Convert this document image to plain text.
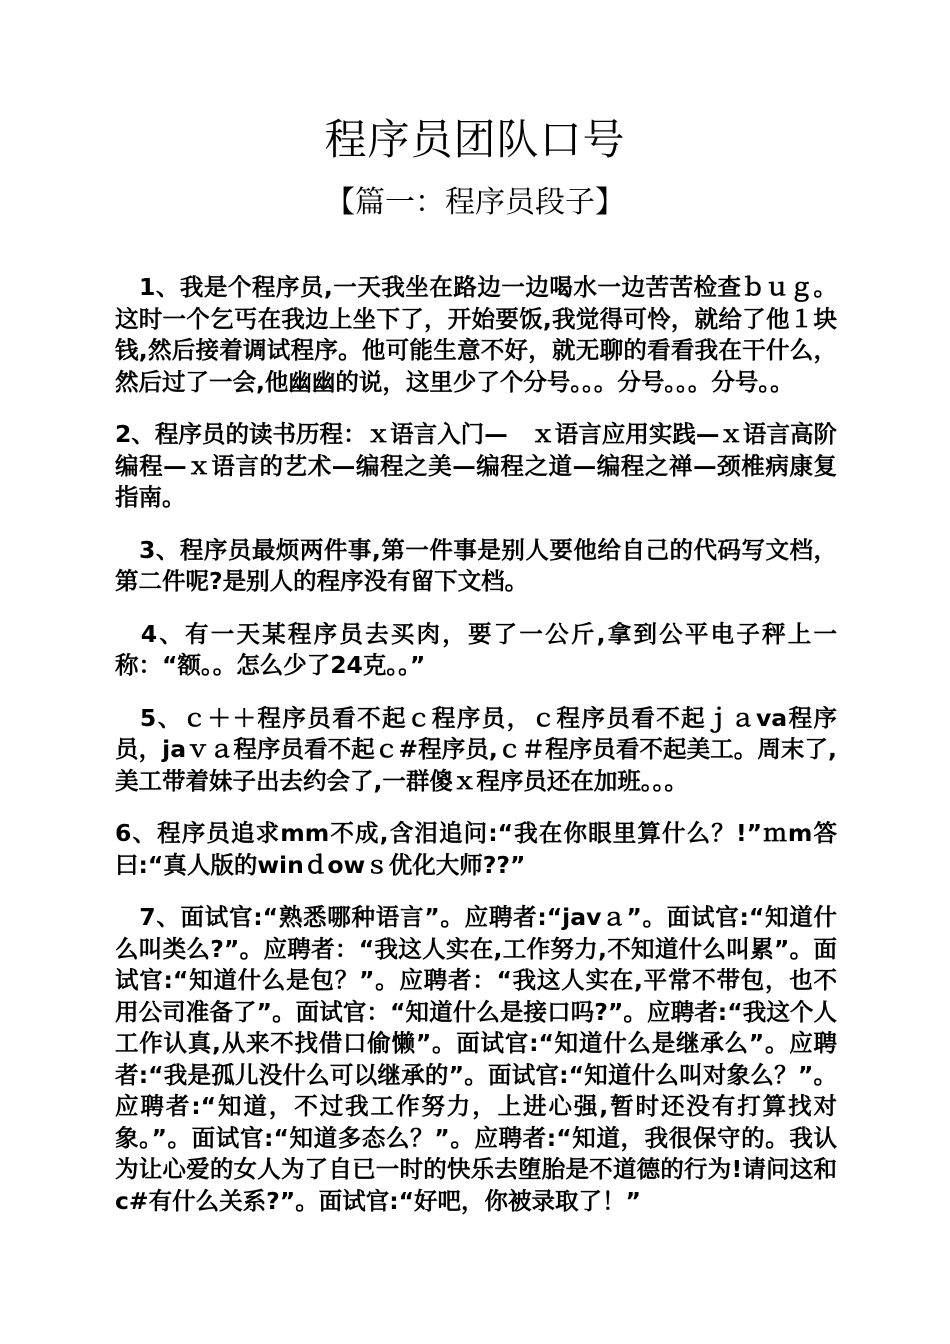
程序员团队口号
【篇一：程序员段子】

　1、我是个程序员,一天我坐在路边一边喝水一边苦苦检查ｂｕｇ。这时一个乞丐在我边上坐下了，开始要饭,我觉得可怜，就给了他１块钱,然后接着调试程序。他可能生意不好，就无聊的看看我在干什么，然后过了一会,他幽幽的说，这里少了个分号。。。分号。。。分号。。

2、程序员的读书历程：ｘ语言入门—　ｘ语言应用实践—ｘ语言高阶编程—ｘ语言的艺术—编程之美—编程之道—编程之禅—颈椎病康复指南。

　3、程序员最烦两件事,第一件事是别人要他给自己的代码写文档，第二件呢?是别人的程序没有留下文档。

　4、有一天某程序员去买肉，要了一公斤,拿到公平电子秤上一称：“额。。怎么少了24克。。”

　5、ｃ＋＋程序员看不起ｃ程序员，ｃ程序员看不起ｊａva程序员，jaｖａ程序员看不起ｃ#程序员,ｃ＃程序员看不起美工。周末了,美工带着妹子出去约会了,一群傻ｘ程序员还在加班。。。

6、程序员追求mm不成,含泪追问:“我在你眼里算什么？!”ｍm答曰:“真人版的winｄowｓ优化大师??”

　7、面试官:“熟悉哪种语言”。应聘者:“javａ”。面试官:“知道什么叫类么?”。应聘者：“我这人实在,工作努力,不知道什么叫累”。面试官:“知道什么是包？”。应聘者：“我这人实在,平常不带包，也不用公司准备了”。面试官：“知道什么是接口吗?”。应聘者:“我这个人工作认真,从来不找借口偷懒”。面试官:“知道什么是继承么”。应聘者:“我是孤儿没什么可以继承的”。面试官:“知道什么叫对象么？”。应聘者:“知道，不过我工作努力，上进心强,暂时还没有打算找对象。”。面试官:“知道多态么？”。应聘者:“知道，我很保守的。我认为让心爱的女人为了自已一时的快乐去堕胎是不道德的行为!请问这和c#有什么关系?”。面试官:“好吧，你被录取了！”
